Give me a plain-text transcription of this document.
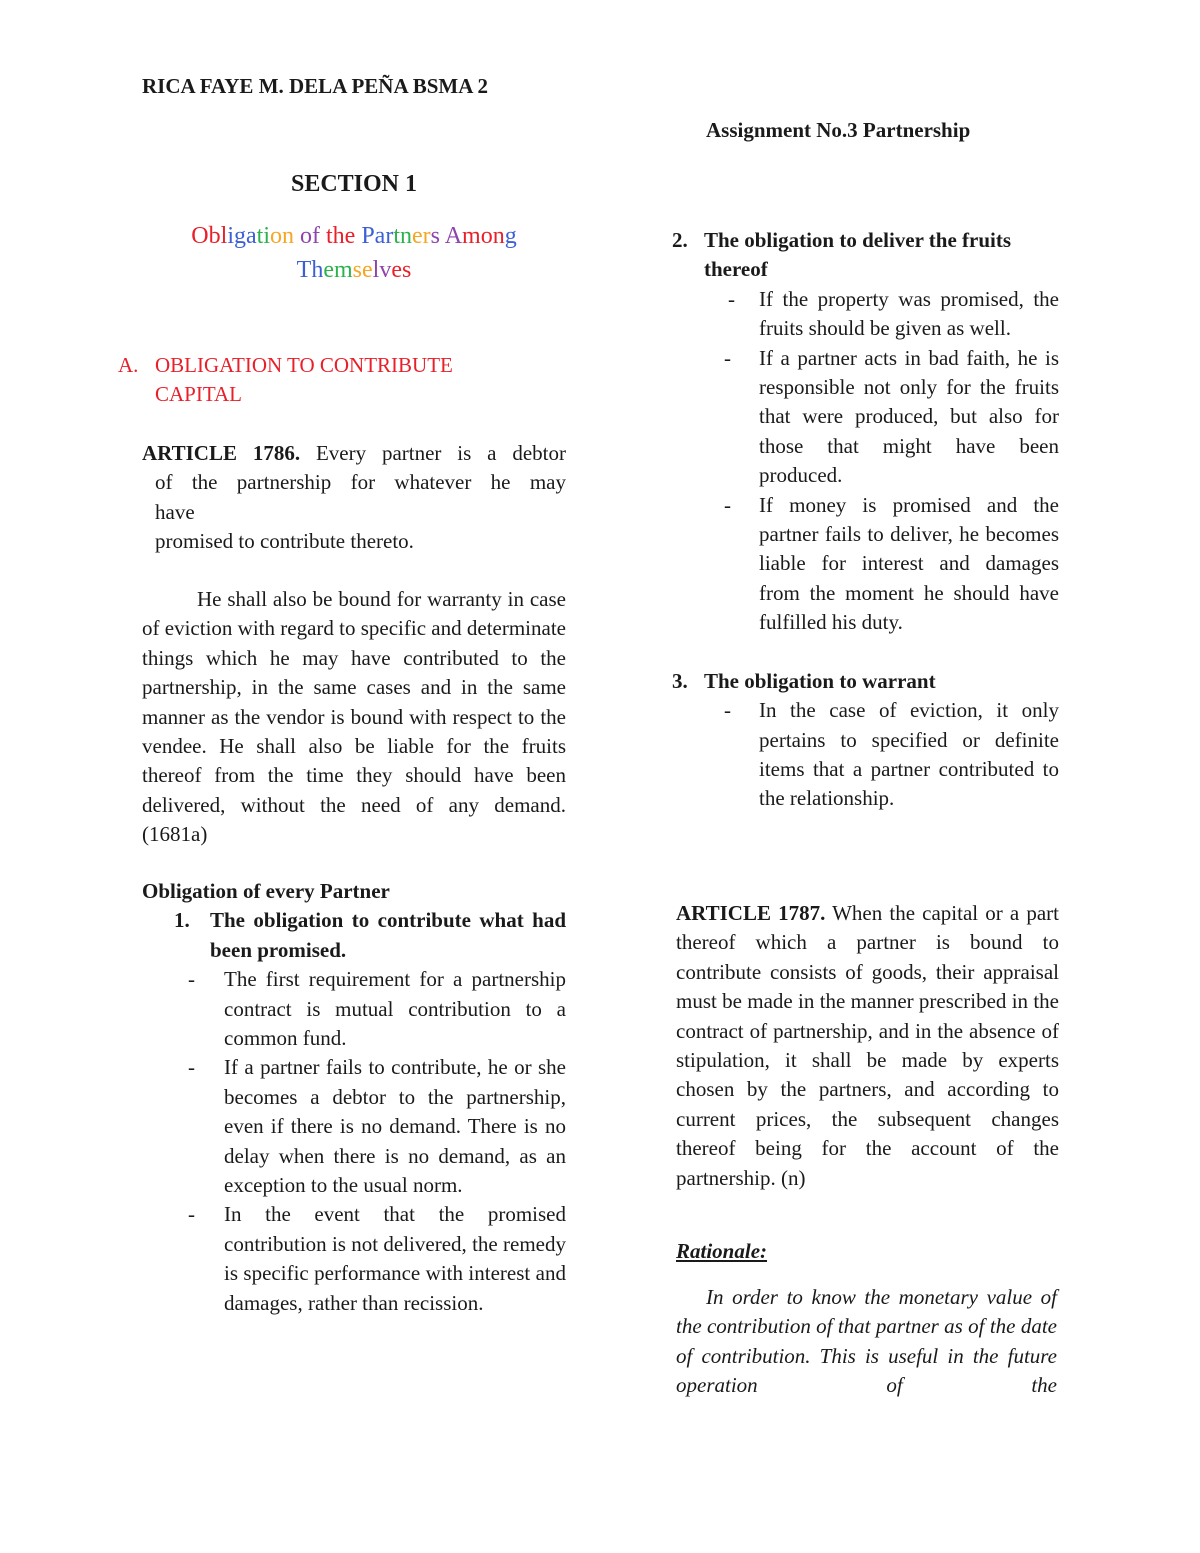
RICA FAYE M. DELA PEÑA BSMA 2
Assignment No.3 Partnership
SECTION 1
Obligation of the Partners Among
Themselves
A. OBLIGATION TO CONTRIBUTE
CAPITAL
ARTICLE 1786. Every partner is a debtor
of the partnership for whatever he may
have
promised to contribute thereto.
He shall also be bound for warranty in case of eviction with regard to specific and determinate things which he may have contributed to the partnership, in the same cases and in the same manner as the vendor is bound with respect to the vendee. He shall also be liable for the fruits thereof from the time they should have been delivered, without the need of any demand. (1681a)
Obligation of every Partner
1. The obligation to contribute what had been promised.
- The first requirement for a partnership contract is mutual contribution to a common fund.
- If a partner fails to contribute, he or she becomes a debtor to the partnership, even if there is no demand. There is no delay when there is no demand, as an exception to the usual norm.
- In the event that the promised contribution is not delivered, the remedy is specific performance with interest and damages, rather than recission.
2. The obligation to deliver the fruits thereof
- If the property was promised, the fruits should be given as well.
- If a partner acts in bad faith, he is responsible not only for the fruits that were produced, but also for those that might have been produced.
- If money is promised and the partner fails to deliver, he becomes liable for interest and damages from the moment he should have fulfilled his duty.
3. The obligation to warrant
- In the case of eviction, it only pertains to specified or definite items that a partner contributed to the relationship.
ARTICLE 1787. When the capital or a part thereof which a partner is bound to contribute consists of goods, their appraisal must be made in the manner prescribed in the contract of partnership, and in the absence of stipulation, it shall be made by experts chosen by the partners, and according to current prices, the subsequent changes thereof being for the account of the partnership. (n)
Rationale:
In order to know the monetary value of the contribution of that partner as of the date of contribution. This is useful in the future operation of the
